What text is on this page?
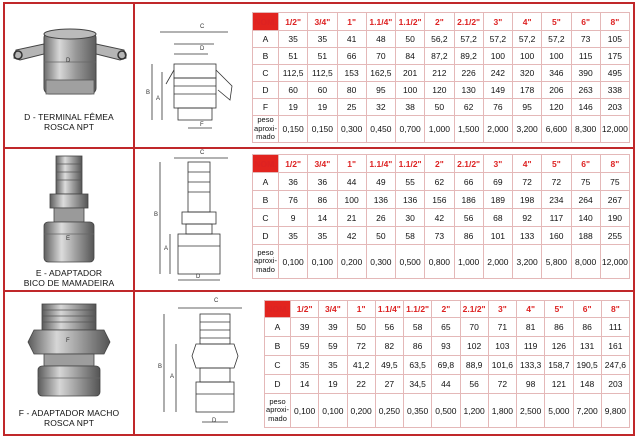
D
D - TERMINAL FÊMEA
ROSCA NPT
C
D
B
A
F
NOM.	1/2"	3/4"	1"	1.1/4"	1.1/2"	2"	2.1/2"	3"	4"	5"	6"	8"
A	35	35	41	48	50	56,2	57,2	57,2	57,2	57,2	73	105
B	51	51	66	70	84	87,2	89,2	100	100	100	115	175
C	112,5	112,5	153	162,5	201	212	226	242	320	346	390	495
D	60	60	80	95	100	120	130	149	178	206	263	338
F	19	19	25	32	38	50	62	76	95	120	146	203
peso aproxi- mado	0,150	0,150	0,300	0,450	0,700	1,000	1,500	2,000	3,200	6,600	8,300	12,000
E
E - ADAPTADOR
BICO DE MAMADEIRA
C
B
A
D
NOM.	1/2"	3/4"	1"	1.1/4"	1.1/2"	2"	2.1/2"	3"	4"	5"	6"	8"
A	36	36	44	49	55	62	66	69	72	72	75	75
B	76	86	100	136	136	156	186	189	198	234	264	267
C	9	14	21	26	30	42	56	68	92	117	140	190
D	35	35	42	50	58	73	86	101	133	160	188	255
peso aproxi- mado	0,100	0,100	0,200	0,300	0,500	0,800	1,000	2,000	3,200	5,800	8,000	12,000
F
F - ADAPTADOR MACHO
ROSCA NPT
C
B
A
D
NOM.	1/2"	3/4"	1"	1.1/4"	1.1/2"	2"	2.1/2"	3"	4"	5"	6"	8"
A	39	39	50	56	58	65	70	71	81	86	86	111
B	59	59	72	82	86	93	102	103	119	126	131	161
C	35	35	41,2	49,5	63,5	69,8	88,9	101,6	133,3	158,7	190,5	247,6
D	14	19	22	27	34,5	44	56	72	98	121	148	203
peso aproxi- mado	0,100	0,100	0,200	0,250	0,350	0,500	1,200	1,800	2,500	5,000	7,200	9,800
